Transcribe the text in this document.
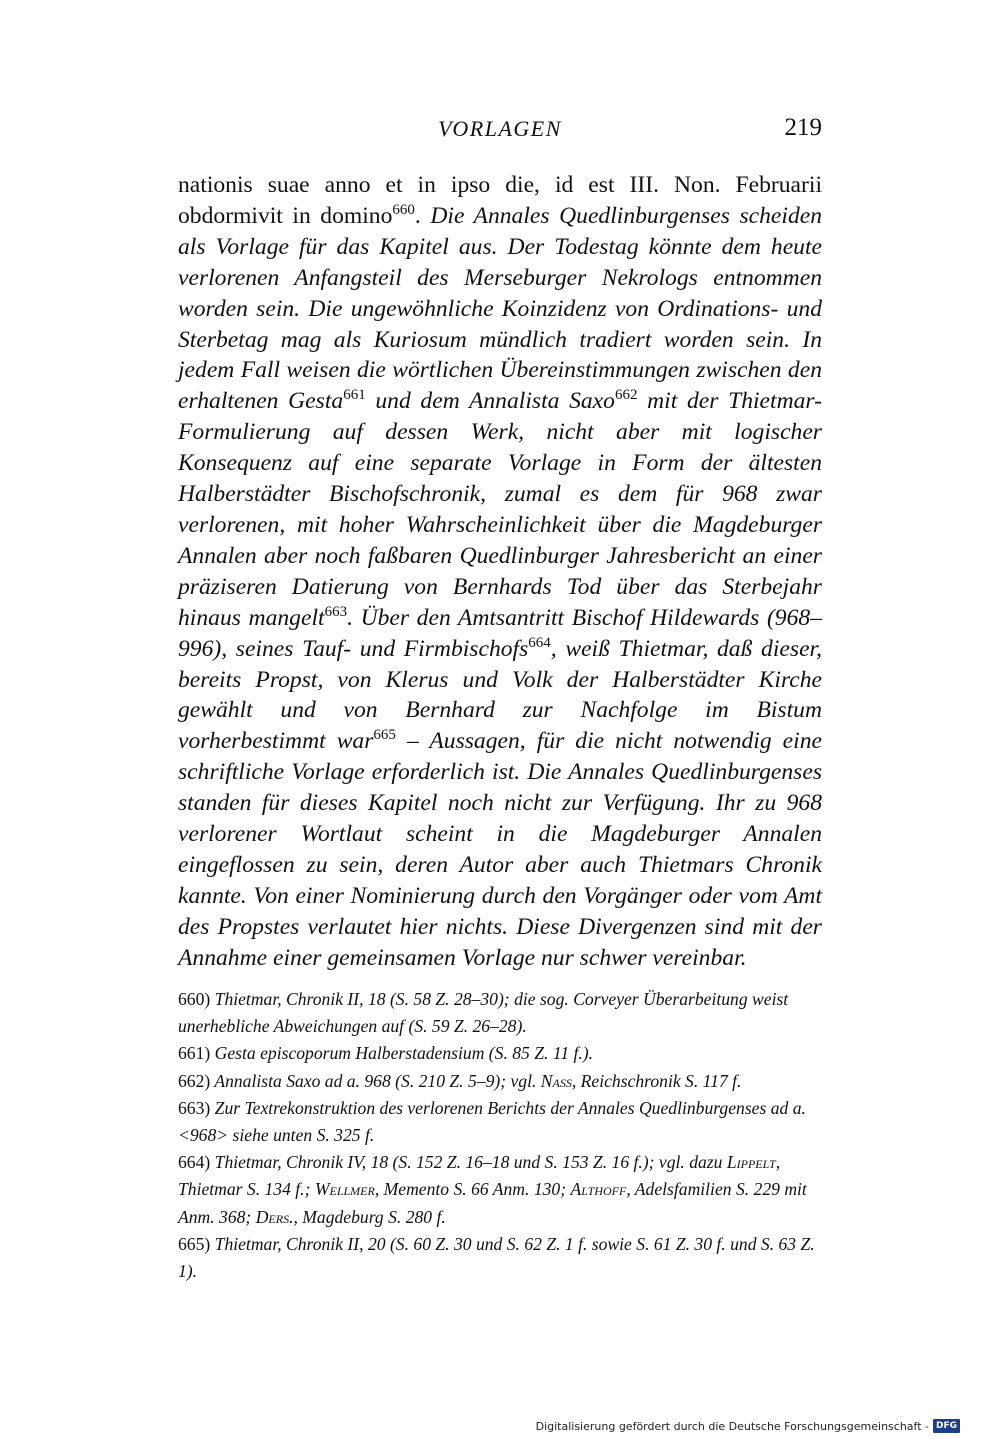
VORLAGEN	219
nationis suae anno et in ipso die, id est III. Non. Februarii obdormivit in domino$^{660}$. Die Annales Quedlinburgenses scheiden als Vorlage für das Kapitel aus. Der Todestag könnte dem heute verlorenen Anfangsteil des Merseburger Nekrologs entnommen worden sein. Die ungewöhnliche Koinzidenz von Ordinations- und Sterbetag mag als Kuriosum mündlich tradiert worden sein. In jedem Fall weisen die wörtlichen Übereinstimmungen zwischen den erhaltenen Gesta$^{661}$ und dem Annalista Saxo$^{662}$ mit der Thietmar-Formulierung auf dessen Werk, nicht aber mit logischer Konsequenz auf eine separate Vorlage in Form der ältesten Halberstädter Bischofschronik, zumal es dem für 968 zwar verlorenen, mit hoher Wahrscheinlichkeit über die Magdeburger Annalen aber noch faßbaren Quedlinburger Jahresbericht an einer präziseren Datierung von Bernhards Tod über das Sterbejahr hinaus mangelt$^{663}$. Über den Amtsantritt Bischof Hildewards (968–996), seines Tauf- und Firmbischofs$^{664}$, weiß Thietmar, daß dieser, bereits Propst, von Klerus und Volk der Halberstädter Kirche gewählt und von Bernhard zur Nachfolge im Bistum vorherbestimmt war$^{665}$ – Aussagen, für die nicht notwendig eine schriftliche Vorlage erforderlich ist. Die Annales Quedlinburgenses standen für dieses Kapitel noch nicht zur Verfügung. Ihr zu 968 verlorener Wortlaut scheint in die Magdeburger Annalen eingeflossen zu sein, deren Autor aber auch Thietmars Chronik kannte. Von einer Nominierung durch den Vorgänger oder vom Amt des Propstes verlautet hier nichts. Diese Divergenzen sind mit der Annahme einer gemeinsamen Vorlage nur schwer vereinbar.

660) Thietmar, Chronik II, 18 (S. 58 Z. 28–30); die sog. Corveyer Überarbeitung weist unerhebliche Abweichungen auf (S. 59 Z. 26–28).

661) Gesta episcoporum Halberstadensium (S. 85 Z. 11 f.).

662) Annalista Saxo ad a. 968 (S. 210 Z. 5–9); vgl. Nass, Reichschronik S. 117 f.

663) Zur Textrekonstruktion des verlorenen Berichts der Annales Quedlinburgenses ad a. <968> siehe unten S. 325 f.

664) Thietmar, Chronik IV, 18 (S. 152 Z. 16–18 und S. 153 Z. 16 f.); vgl. dazu Lippelt, Thietmar S. 134 f.; Wellmer, Memento S. 66 Anm. 130; Althoff, Adelsfamilien S. 229 mit Anm. 368; Ders., Magdeburg S. 280 f.

665) Thietmar, Chronik II, 20 (S. 60 Z. 30 und S. 62 Z. 1 f. sowie S. 61 Z. 30 f. und S. 63 Z. 1).

Digitalisierung gefördert durch die Deutsche Forschungsgemeinschaft - DFG
